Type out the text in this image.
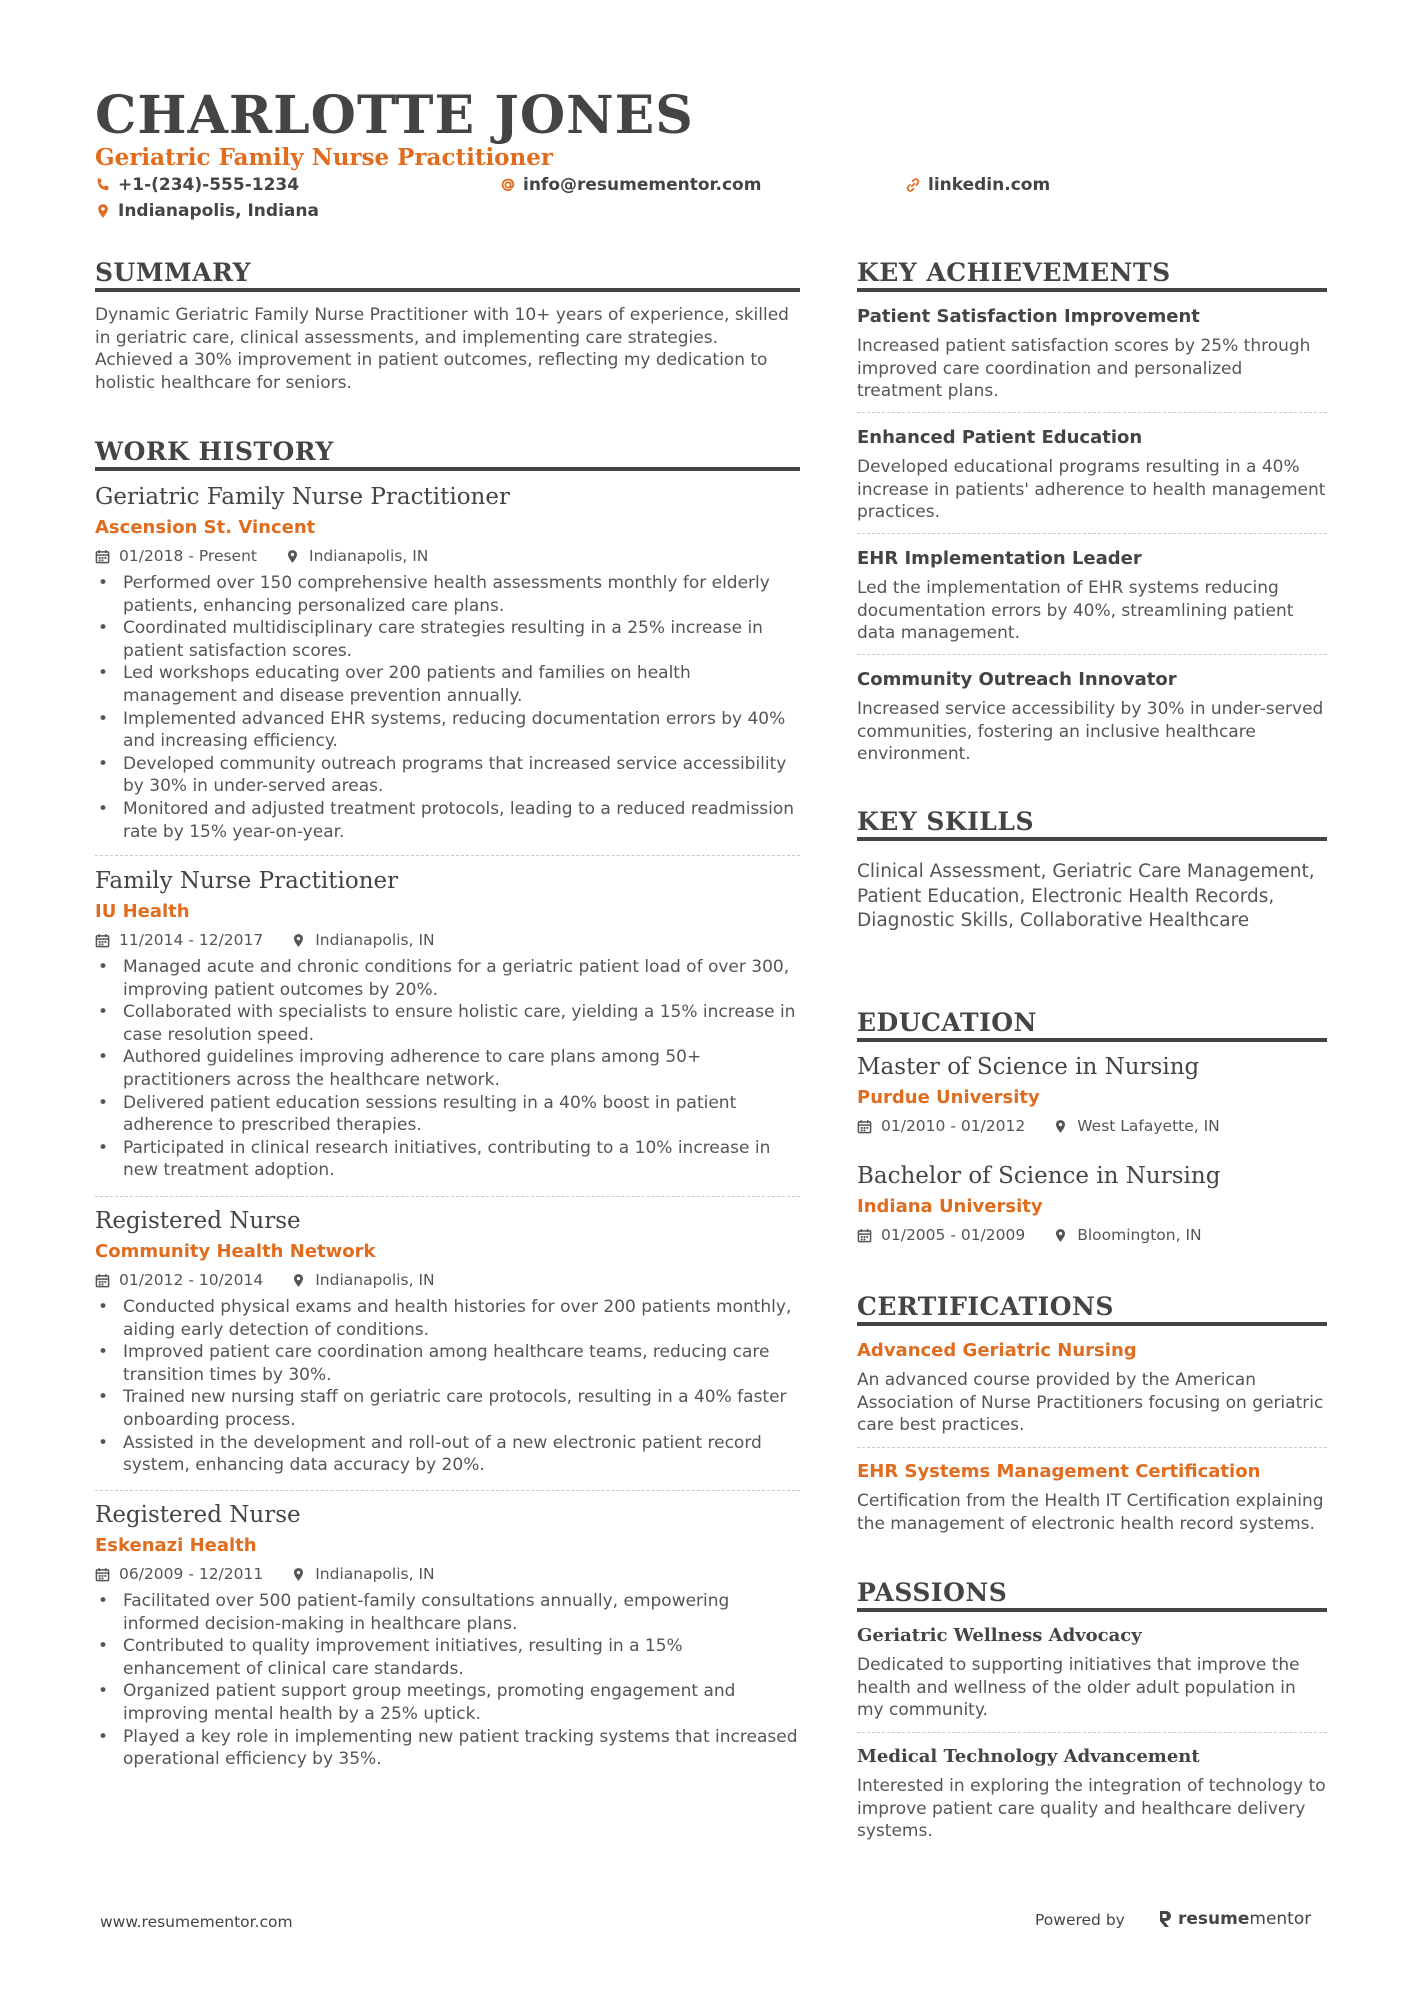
CHARLOTTE JONES
Geriatric Family Nurse Practitioner
+1-(234)-555-1234	info@resumementor.com	linkedin.com
Indianapolis, Indiana
SUMMARY

Dynamic Geriatric Family Nurse Practitioner with 10+ years of experience, skilled in geriatric care, clinical assessments, and implementing care strategies. Achieved a 30% improvement in patient outcomes, reflecting my dedication to holistic healthcare for seniors.

WORK HISTORY
Geriatric Family Nurse Practitioner
Ascension St. Vincent
01/2018 - Present	Indianapolis, IN
• Performed over 150 comprehensive health assessments monthly for elderly patients, enhancing personalized care plans.
• Coordinated multidisciplinary care strategies resulting in a 25% increase in patient satisfaction scores.
• Led workshops educating over 200 patients and families on health management and disease prevention annually.
• Implemented advanced EHR systems, reducing documentation errors by 40% and increasing efficiency.
• Developed community outreach programs that increased service accessibility by 30% in under-served areas.
• Monitored and adjusted treatment protocols, leading to a reduced readmission rate by 15% year-on-year.
Family Nurse Practitioner
IU Health
11/2014 - 12/2017	Indianapolis, IN
• Managed acute and chronic conditions for a geriatric patient load of over 300, improving patient outcomes by 20%.
• Collaborated with specialists to ensure holistic care, yielding a 15% increase in case resolution speed.
• Authored guidelines improving adherence to care plans among 50+ practitioners across the healthcare network.
• Delivered patient education sessions resulting in a 40% boost in patient adherence to prescribed therapies.
• Participated in clinical research initiatives, contributing to a 10% increase in new treatment adoption.
Registered Nurse
Community Health Network
01/2012 - 10/2014	Indianapolis, IN
• Conducted physical exams and health histories for over 200 patients monthly, aiding early detection of conditions.
• Improved patient care coordination among healthcare teams, reducing care transition times by 30%.
• Trained new nursing staff on geriatric care protocols, resulting in a 40% faster onboarding process.
• Assisted in the development and roll-out of a new electronic patient record system, enhancing data accuracy by 20%.
Registered Nurse
Eskenazi Health
06/2009 - 12/2011	Indianapolis, IN
• Facilitated over 500 patient-family consultations annually, empowering informed decision-making in healthcare plans.
• Contributed to quality improvement initiatives, resulting in a 15% enhancement of clinical care standards.
• Organized patient support group meetings, promoting engagement and improving mental health by a 25% uptick.
• Played a key role in implementing new patient tracking systems that increased operational efficiency by 35%.
KEY ACHIEVEMENTS
Patient Satisfaction Improvement

Increased patient satisfaction scores by 25% through improved care coordination and personalized treatment plans.

Enhanced Patient Education

Developed educational programs resulting in a 40% increase in patients' adherence to health management practices.

EHR Implementation Leader

Led the implementation of EHR systems reducing documentation errors by 40%, streamlining patient data management.

Community Outreach Innovator

Increased service accessibility by 30% in under-served communities, fostering an inclusive healthcare environment.

KEY SKILLS

Clinical Assessment, Geriatric Care Management, Patient Education, Electronic Health Records, Diagnostic Skills, Collaborative Healthcare

EDUCATION
Master of Science in Nursing
Purdue University
01/2010 - 01/2012	West Lafayette, IN
Bachelor of Science in Nursing
Indiana University
01/2005 - 01/2009	Bloomington, IN
CERTIFICATIONS
Advanced Geriatric Nursing

An advanced course provided by the American Association of Nurse Practitioners focusing on geriatric care best practices.

EHR Systems Management Certification

Certification from the Health IT Certification explaining the management of electronic health record systems.

PASSIONS
Geriatric Wellness Advocacy

Dedicated to supporting initiatives that improve the health and wellness of the older adult population in my community.

Medical Technology Advancement

Interested in exploring the integration of technology to improve patient care quality and healthcare delivery systems.

www.resumementor.com	Powered by	resume mentor
